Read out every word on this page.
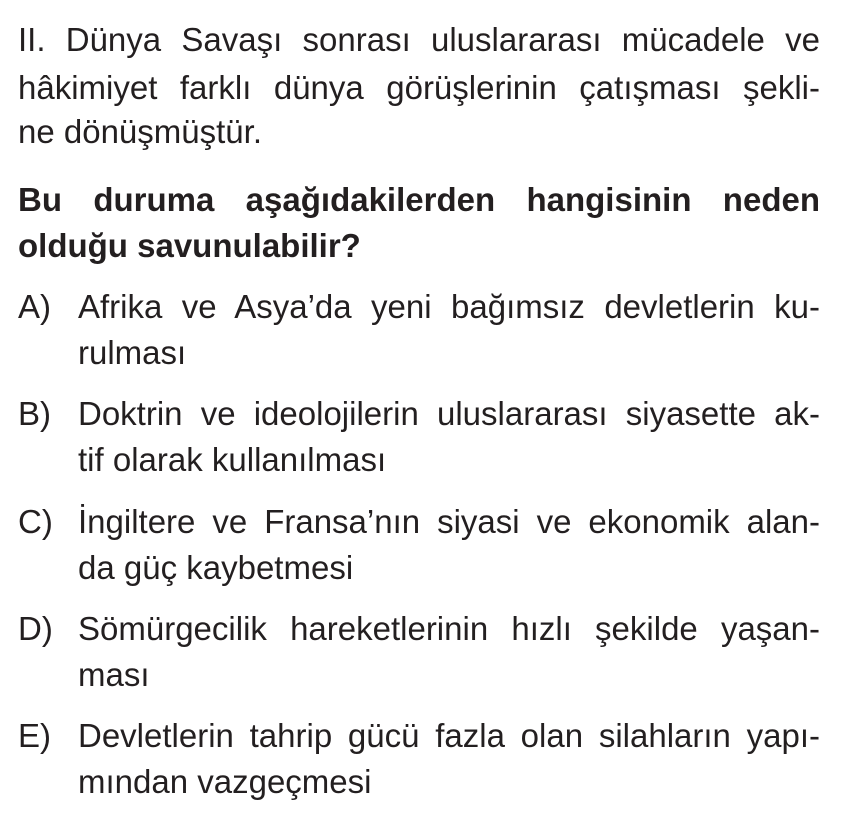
II. Dünya Savaşı sonrası uluslararası mücadele ve
hâkimiyet farklı dünya görüşlerinin çatışması şekli-
ne dönüşmüştür.
Bu duruma aşağıdakilerden hangisinin neden
olduğu savunulabilir?
A) Afrika ve Asya’da yeni bağımsız devletlerin ku-
rulması
B) Doktrin ve ideolojilerin uluslararası siyasette ak-
tif olarak kullanılması
C) İngiltere ve Fransa’nın siyasi ve ekonomik alan-
da güç kaybetmesi
D) Sömürgecilik hareketlerinin hızlı şekilde yaşan-
ması
E) Devletlerin tahrip gücü fazla olan silahların yapı-
mından vazgeçmesi
